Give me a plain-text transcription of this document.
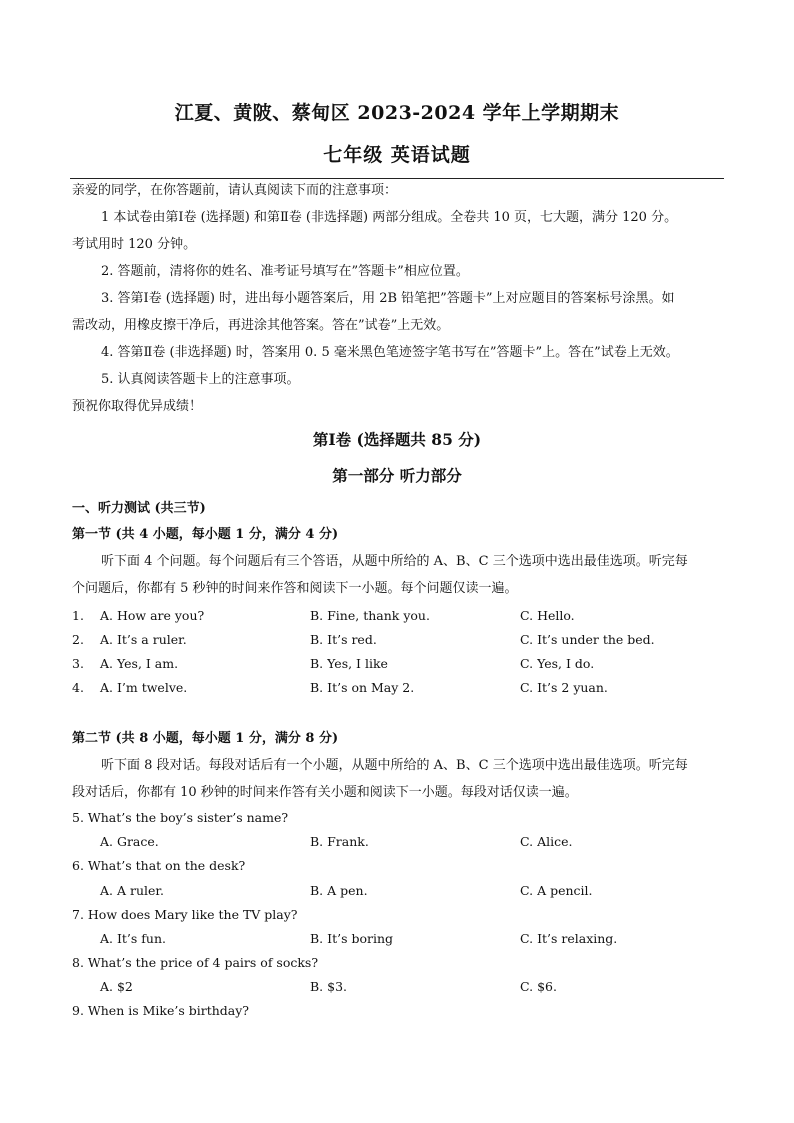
江夏、黄陂、蔡甸区 2023-2024 学年上学期期末
七年级 英语试题
亲爱的同学，在你答题前，请认真阅读下而的注意事项：
1 本试卷由第Ⅰ卷 (选择题) 和第Ⅱ卷 (非选择题) 两部分组成。全卷共 10 页，七大题，满分 120 分。
考试用时 120 分钟。
2. 答题前，清将你的姓名、准考证号填写在”答题卡”相应位置。
3. 答第Ⅰ卷 (选择题) 时，进出每小题答案后，用 2B 铅笔把”答题卡”上对应题目的答案标号涂黑。如
需改动，用橡皮擦干净后，再进涂其他答案。答在”试卷”上无效。
4. 答第Ⅱ卷 (非选择题) 时，答案用 0. 5 毫米黑色笔迹签字笔书写在”答题卡”上。答在”试卷上无效。
5. 认真阅读答题卡上的注意事项。
预祝你取得优异成绩！
第Ⅰ卷 (选择题共 85 分)
第一部分 听力部分
一、听力测试 (共三节)
第一节 (共 4 小题，每小题 1 分，满分 4 分)
听下面 4 个问题。每个问题后有三个答语，从题中所给的 A、B、C 三个选项中选出最佳选项。听完每
个问题后，你都有 5 秒钟的时间来作答和阅读下一小题。每个问题仅读一遍。
1. A. How are you?	B. Fine, thank you.	C. Hello.
2. A. It’s a ruler.	B. It’s red.	C. It’s under the bed.
3. A. Yes, I am.	B. Yes, I like	C. Yes, I do.
4. A. I’m twelve.	B. It’s on May 2.	C. It’s 2 yuan.
第二节 (共 8 小题，每小题 1 分，满分 8 分)
听下面 8 段对话。每段对话后有一个小题，从题中所给的 A、B、C 三个选项中选出最佳选项。听完每
段对话后，你都有 10 秒钟的时间来作答有关小题和阅读下一小题。每段对话仅读一遍。
5. What’s the boy’s sister’s name?
A. Grace.	B. Frank.	C. Alice.
6. What’s that on the desk?
A. A ruler.	B. A pen.	C. A pencil.
7. How does Mary like the TV play?
A. It’s fun.	B. It’s boring	C. It’s relaxing.
8. What’s the price of 4 pairs of socks?
A. $2	B. $3.	C. $6.
9. When is Mike’s birthday?
